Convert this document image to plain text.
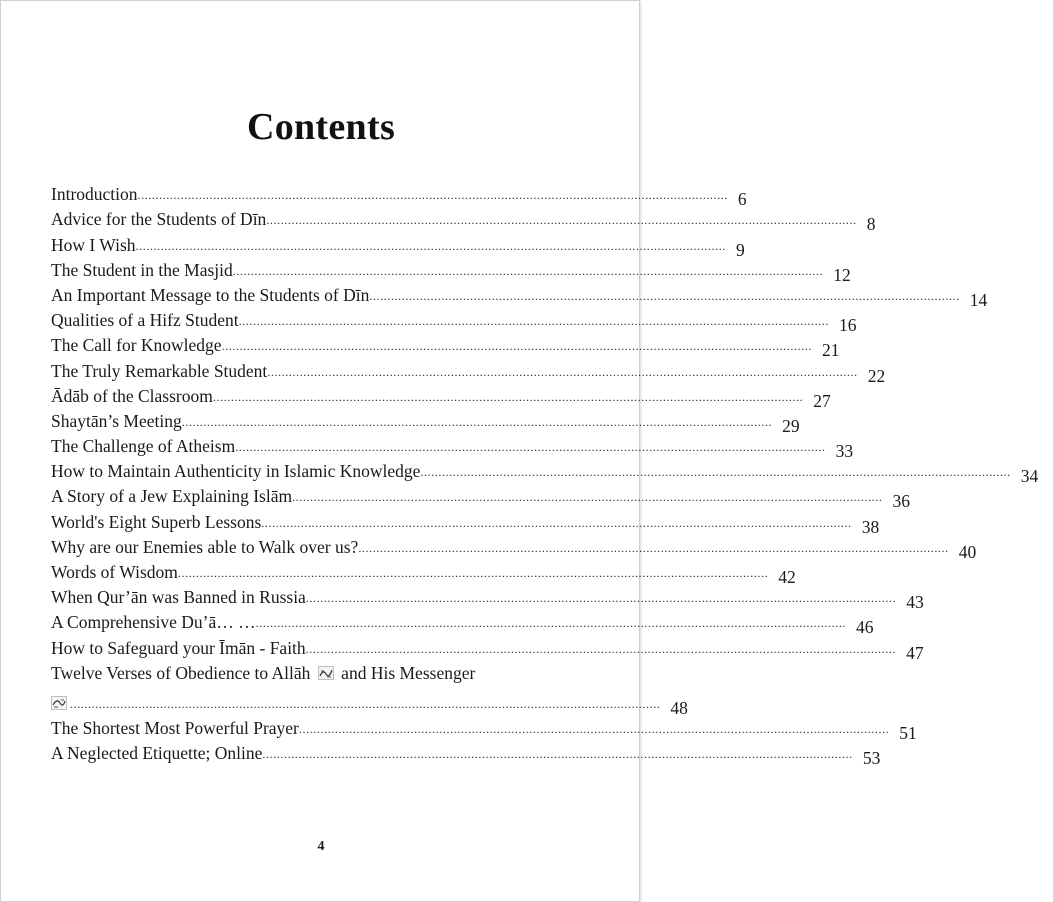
Contents
Introduction .................................................................................................................................................................... 6
Advice for the Students of Dīn .................................................................................................................................................................... 8
How I Wish .................................................................................................................................................................... 9
The Student in the Masjid .................................................................................................................................................................... 12
An Important Message to the Students of Dīn .................................................................................................................................................................... 14
Qualities of a Hifz Student .................................................................................................................................................................... 16
The Call for Knowledge .................................................................................................................................................................... 21
The Truly Remarkable Student .................................................................................................................................................................... 22
Ādāb of the Classroom .................................................................................................................................................................... 27
Shaytān’s Meeting .................................................................................................................................................................... 29
The Challenge of Atheism .................................................................................................................................................................... 33
How to Maintain Authenticity in Islamic Knowledge .................................................................................................................................................................... 34
A Story of a Jew Explaining Islām .................................................................................................................................................................... 36
World's Eight Superb Lessons .................................................................................................................................................................... 38
Why are our Enemies able to Walk over us? .................................................................................................................................................................... 40
Words of Wisdom .................................................................................................................................................................... 42
When Qur’ān was Banned in Russia .................................................................................................................................................................... 43
A Comprehensive Du’ā… … .................................................................................................................................................................... 46
How to Safeguard your Īmān - Faith .................................................................................................................................................................... 47
Twelve Verses of Obedience to Allāh and His Messenger
.................................................................................................................................................................... 48
The Shortest Most Powerful Prayer .................................................................................................................................................................... 51
A Neglected Etiquette; Online .................................................................................................................................................................... 53
4
